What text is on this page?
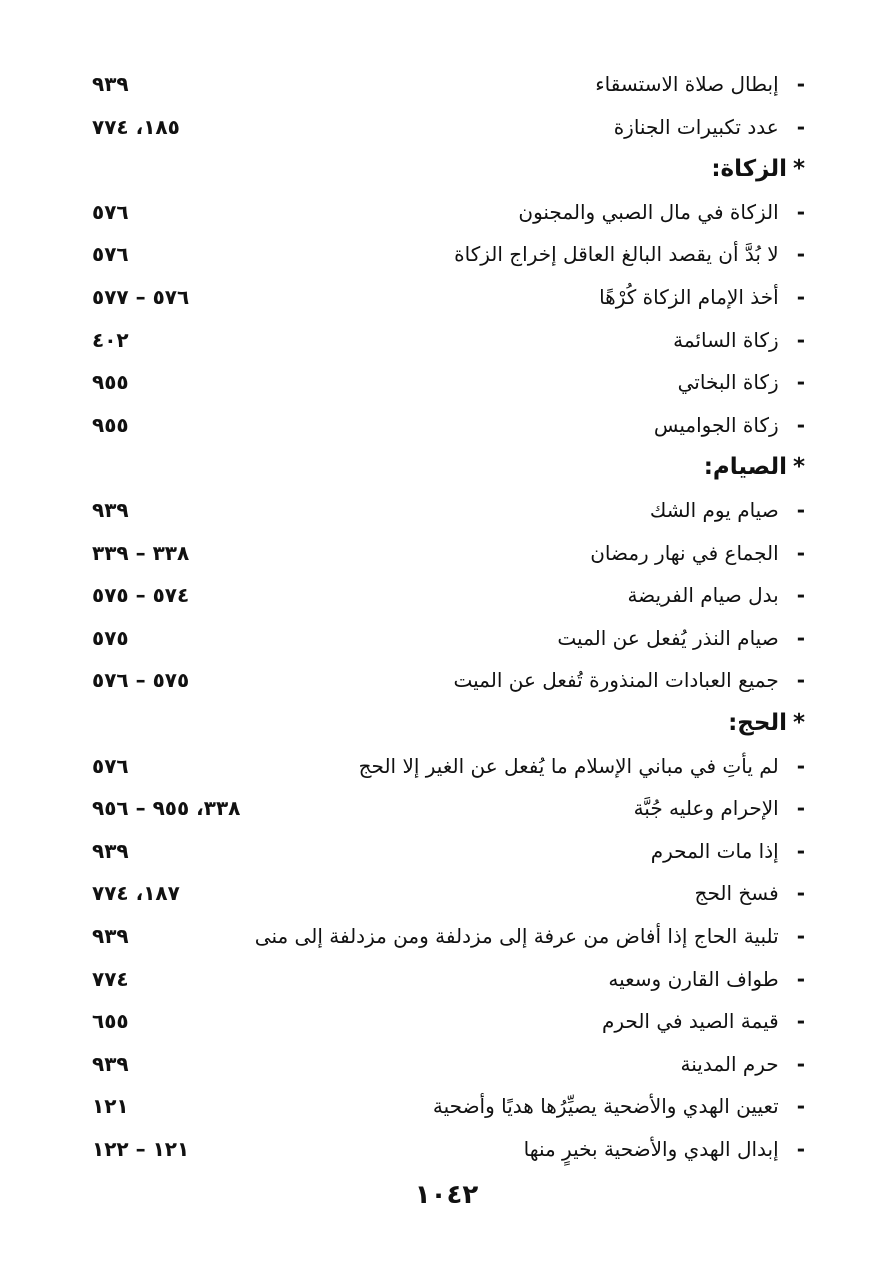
-إبطال صلاة الاستسقاء
٩٣٩
-عدد تكبيرات الجنازة
١٨٥، ٧٧٤
*الزكاة:
-الزكاة في مال الصبي والمجنون
٥٧٦
-لا بُدَّ أن يقصد البالغ العاقل إخراج الزكاة
٥٧٦
-أخذ الإمام الزكاة كُرْهًا
٥٧٦ – ٥٧٧
-زكاة السائمة
٤٠٢
-زكاة البخاتي
٩٥٥
-زكاة الجواميس
٩٥٥
*الصيام:
-صيام يوم الشك
٩٣٩
-الجماع في نهار رمضان
٣٣٨ – ٣٣٩
-بدل صيام الفريضة
٥٧٤ – ٥٧٥
-صيام النذر يُفعل عن الميت
٥٧٥
-جميع العبادات المنذورة تُفعل عن الميت
٥٧٥ – ٥٧٦
*الحج:
-لم يأتِ في مباني الإسلام ما يُفعل عن الغير إلا الحج
٥٧٦
-الإحرام وعليه جُبَّة
٣٣٨، ٩٥٥ – ٩٥٦
-إذا مات المحرم
٩٣٩
-فسخ الحج
١٨٧، ٧٧٤
-تلبية الحاج إذا أفاض من عرفة إلى مزدلفة ومن مزدلفة إلى منى
٩٣٩
-طواف القارن وسعيه
٧٧٤
-قيمة الصيد في الحرم
٦٥٥
-حرم المدينة
٩٣٩
-تعيين الهدي والأضحية يصيِّرُها هديًا وأضحية
١٢١
-إبدال الهدي والأضحية بخيرٍ منها
١٢١ – ١٢٢
١٠٤٢
